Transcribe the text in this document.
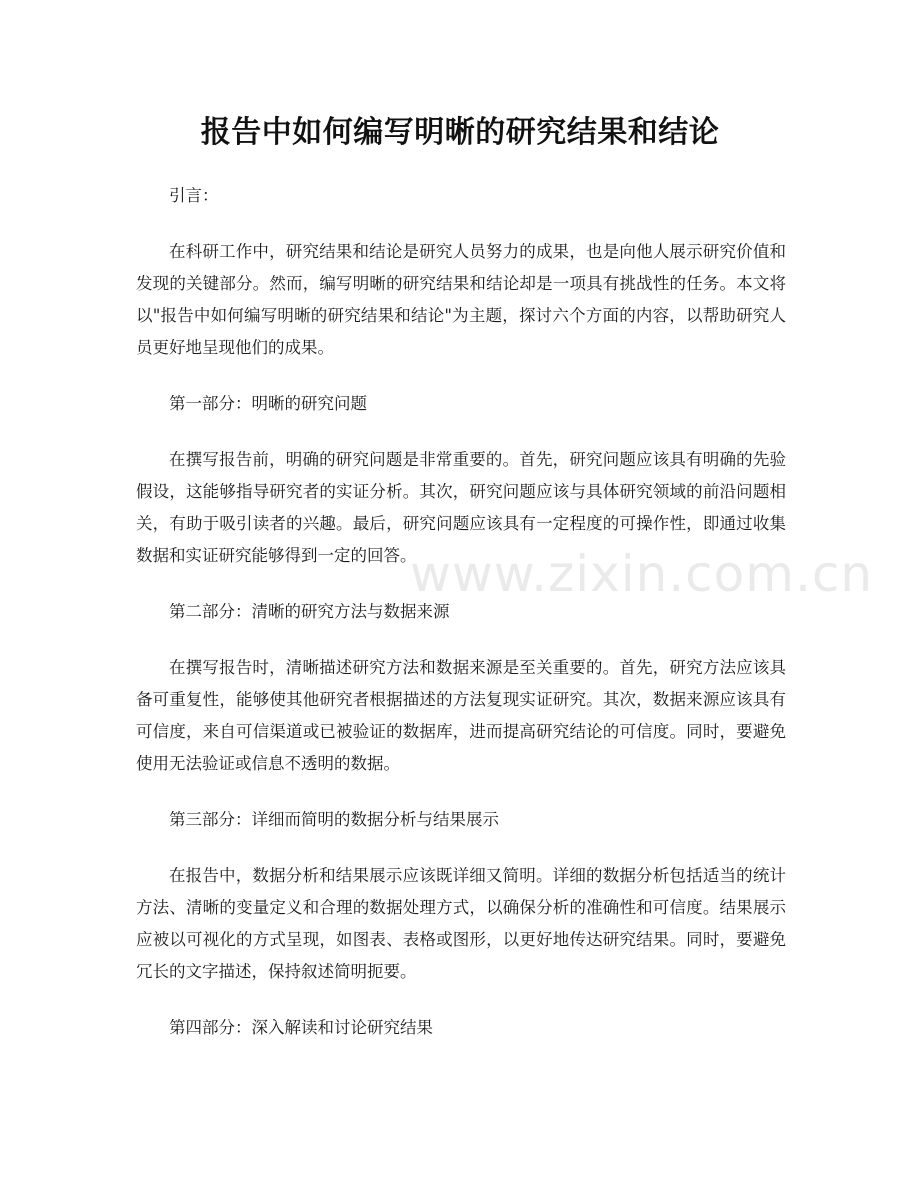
报告中如何编写明晰的研究结果和结论

引言：

在科研工作中，研究结果和结论是研究人员努力的成果，也是向他人展示研究价值和发现的关键部分。然而，编写明晰的研究结果和结论却是一项具有挑战性的任务。本文将以"报告中如何编写明晰的研究结果和结论"为主题，探讨六个方面的内容，以帮助研究人员更好地呈现他们的成果。

第一部分：明晰的研究问题

在撰写报告前，明确的研究问题是非常重要的。首先，研究问题应该具有明确的先验假设，这能够指导研究者的实证分析。其次，研究问题应该与具体研究领域的前沿问题相关，有助于吸引读者的兴趣。最后，研究问题应该具有一定程度的可操作性，即通过收集数据和实证研究能够得到一定的回答。

第二部分：清晰的研究方法与数据来源

在撰写报告时，清晰描述研究方法和数据来源是至关重要的。首先，研究方法应该具备可重复性，能够使其他研究者根据描述的方法复现实证研究。其次，数据来源应该具有可信度，来自可信渠道或已被验证的数据库，进而提高研究结论的可信度。同时，要避免使用无法验证或信息不透明的数据。

第三部分：详细而简明的数据分析与结果展示

在报告中，数据分析和结果展示应该既详细又简明。详细的数据分析包括适当的统计方法、清晰的变量定义和合理的数据处理方式，以确保分析的准确性和可信度。结果展示应被以可视化的方式呈现，如图表、表格或图形，以更好地传达研究结果。同时，要避免冗长的文字描述，保持叙述简明扼要。

第四部分：深入解读和讨论研究结果

www.zixin.com.cn
